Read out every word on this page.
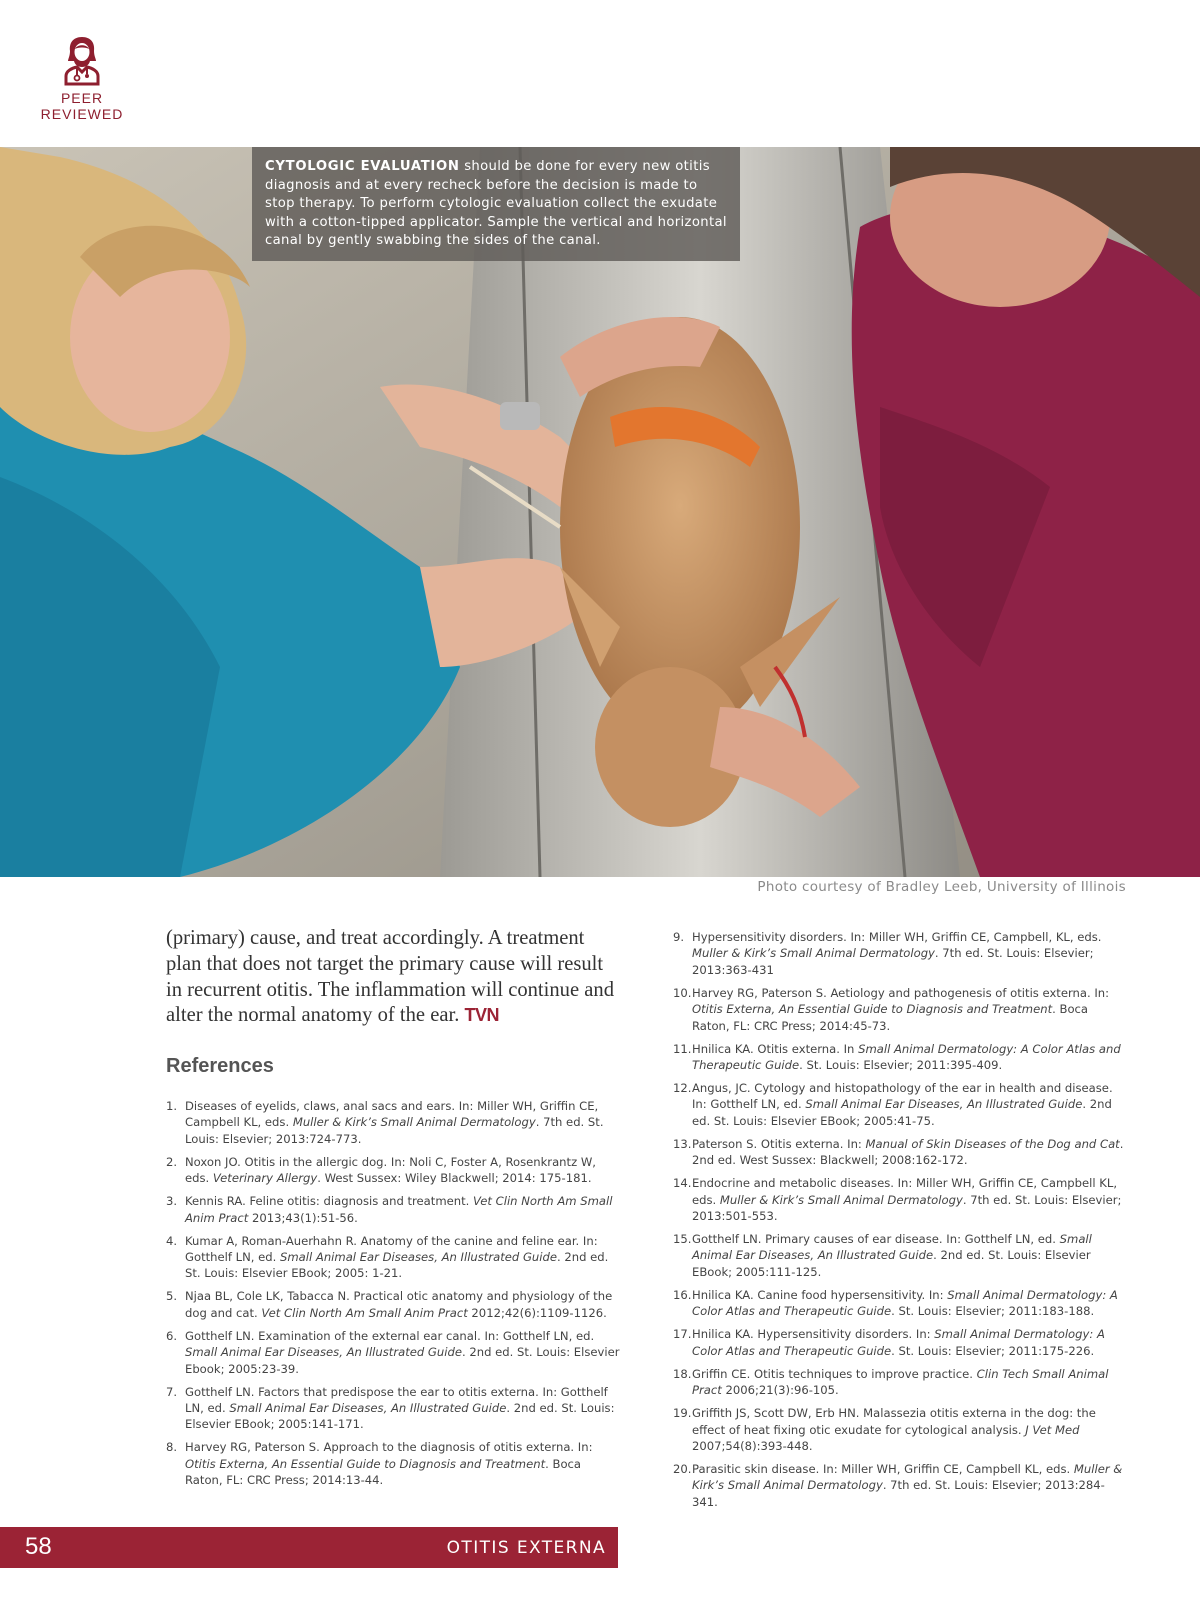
PEER
REVIEWED
CYTOLOGIC EVALUATION should be done for every new otitis diagnosis and at every recheck before the decision is made to stop therapy. To perform cytologic evaluation collect the exudate with a cotton-tipped applicator. Sample the vertical and horizontal canal by gently swabbing the sides of the canal.
Photo courtesy of Bradley Leeb, University of Illinois

(primary) cause, and treat accordingly. A treatment plan that does not target the primary cause will result in recurrent otitis. The inflammation will continue and alter the normal anatomy of the ear. TVN

References
1. Diseases of eyelids, claws, anal sacs and ears. In: Miller WH, Griffin CE, Campbell KL, eds. Muller & Kirk’s Small Animal Dermatology. 7th ed. St. Louis: Elsevier; 2013:724-773.
2. Noxon JO. Otitis in the allergic dog. In: Noli C, Foster A, Rosenkrantz W, eds. Veterinary Allergy. West Sussex: Wiley Blackwell; 2014: 175-181.
3. Kennis RA. Feline otitis: diagnosis and treatment. Vet Clin North Am Small Anim Pract 2013;43(1):51-56.
4. Kumar A, Roman-Auerhahn R. Anatomy of the canine and feline ear. In: Gotthelf LN, ed. Small Animal Ear Diseases, An Illustrated Guide. 2nd ed. St. Louis: Elsevier EBook; 2005: 1-21.
5. Njaa BL, Cole LK, Tabacca N. Practical otic anatomy and physiology of the dog and cat. Vet Clin North Am Small Anim Pract 2012;42(6):1109-1126.
6. Gotthelf LN. Examination of the external ear canal. In: Gotthelf LN, ed. Small Animal Ear Diseases, An Illustrated Guide. 2nd ed. St. Louis: Elsevier Ebook; 2005:23-39.
7. Gotthelf LN. Factors that predispose the ear to otitis externa. In: Gotthelf LN, ed. Small Animal Ear Diseases, An Illustrated Guide. 2nd ed. St. Louis: Elsevier EBook; 2005:141-171.
8. Harvey RG, Paterson S. Approach to the diagnosis of otitis externa. In: Otitis Externa, An Essential Guide to Diagnosis and Treatment. Boca Raton, FL: CRC Press; 2014:13-44.
9. Hypersensitivity disorders. In: Miller WH, Griffin CE, Campbell, KL, eds. Muller & Kirk’s Small Animal Dermatology. 7th ed. St. Louis: Elsevier; 2013:363-431
10. Harvey RG, Paterson S. Aetiology and pathogenesis of otitis externa. In: Otitis Externa, An Essential Guide to Diagnosis and Treatment. Boca Raton, FL: CRC Press; 2014:45-73.
11. Hnilica KA. Otitis externa. In Small Animal Dermatology: A Color Atlas and Therapeutic Guide. St. Louis: Elsevier; 2011:395-409.
12. Angus, JC. Cytology and histopathology of the ear in health and disease. In: Gotthelf LN, ed. Small Animal Ear Diseases, An Illustrated Guide. 2nd ed. St. Louis: Elsevier EBook; 2005:41-75.
13. Paterson S. Otitis externa. In: Manual of Skin Diseases of the Dog and Cat. 2nd ed. West Sussex: Blackwell; 2008:162-172.
14. Endocrine and metabolic diseases. In: Miller WH, Griffin CE, Campbell KL, eds. Muller & Kirk’s Small Animal Dermatology. 7th ed. St. Louis: Elsevier; 2013:501-553.
15. Gotthelf LN. Primary causes of ear disease. In: Gotthelf LN, ed. Small Animal Ear Diseases, An Illustrated Guide. 2nd ed. St. Louis: Elsevier EBook; 2005:111-125.
16. Hnilica KA. Canine food hypersensitivity. In: Small Animal Dermatology: A Color Atlas and Therapeutic Guide. St. Louis: Elsevier; 2011:183-188.
17. Hnilica KA. Hypersensitivity disorders. In: Small Animal Dermatology: A Color Atlas and Therapeutic Guide. St. Louis: Elsevier; 2011:175-226.
18. Griffin CE. Otitis techniques to improve practice. Clin Tech Small Animal Pract 2006;21(3):96-105.
19. Griffith JS, Scott DW, Erb HN. Malassezia otitis externa in the dog: the effect of heat fixing otic exudate for cytological analysis. J Vet Med 2007;54(8):393-448.
20. Parasitic skin disease. In: Miller WH, Griffin CE, Campbell KL, eds. Muller & Kirk’s Small Animal Dermatology. 7th ed. St. Louis: Elsevier; 2013:284-341.
58	OTITIS EXTERNA
